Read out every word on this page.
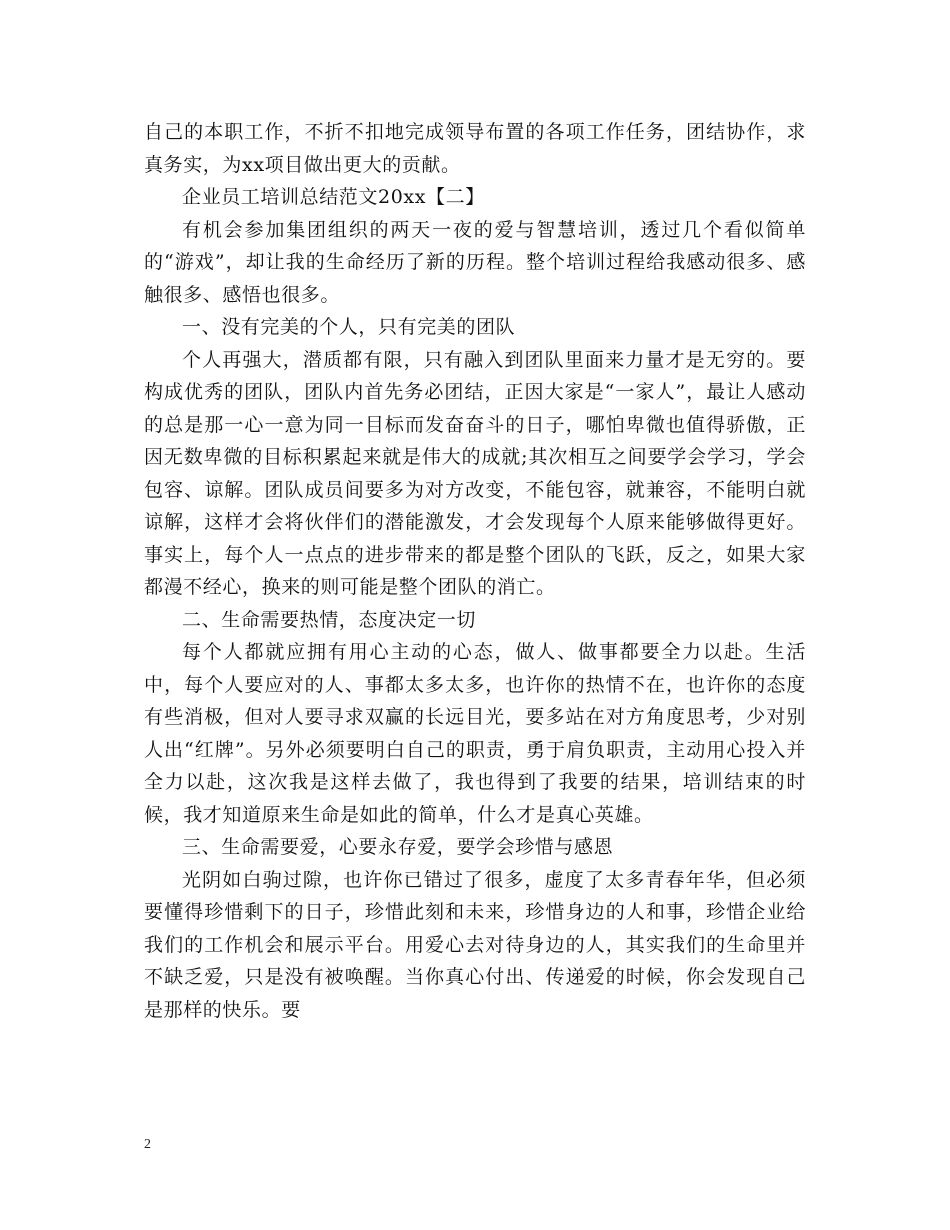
自己的本职工作，不折不扣地完成领导布置的各项工作任务，团结协作，求真务实，为xx项目做出更大的贡献。

企业员工培训总结范文20xx【二】

有机会参加集团组织的两天一夜的爱与智慧培训，透过几个看似简单的“游戏”，却让我的生命经历了新的历程。整个培训过程给我感动很多、感触很多、感悟也很多。

一、没有完美的个人，只有完美的团队

个人再强大，潜质都有限，只有融入到团队里面来力量才是无穷的。要构成优秀的团队，团队内首先务必团结，正因大家是“一家人”，最让人感动的总是那一心一意为同一目标而发奋奋斗的日子，哪怕卑微也值得骄傲，正因无数卑微的目标积累起来就是伟大的成就;其次相互之间要学会学习，学会包容、谅解。团队成员间要多为对方改变，不能包容，就兼容，不能明白就谅解，这样才会将伙伴们的潜能激发，才会发现每个人原来能够做得更好。事实上，每个人一点点的进步带来的都是整个团队的飞跃，反之，如果大家都漫不经心，换来的则可能是整个团队的消亡。

二、生命需要热情，态度决定一切

每个人都就应拥有用心主动的心态，做人、做事都要全力以赴。生活中，每个人要应对的人、事都太多太多，也许你的热情不在，也许你的态度有些消极，但对人要寻求双赢的长远目光，要多站在对方角度思考，少对别人出“红牌”。另外必须要明白自己的职责，勇于肩负职责，主动用心投入并全力以赴，这次我是这样去做了，我也得到了我要的结果，培训结束的时候，我才知道原来生命是如此的简单，什么才是真心英雄。

三、生命需要爱，心要永存爱，要学会珍惜与感恩

光阴如白驹过隙，也许你已错过了很多，虚度了太多青春年华，但必须要懂得珍惜剩下的日子，珍惜此刻和未来，珍惜身边的人和事，珍惜企业给我们的工作机会和展示平台。用爱心去对待身边的人，其实我们的生命里并不缺乏爱，只是没有被唤醒。当你真心付出、传递爱的时候，你会发现自己是那样的快乐。要

2
